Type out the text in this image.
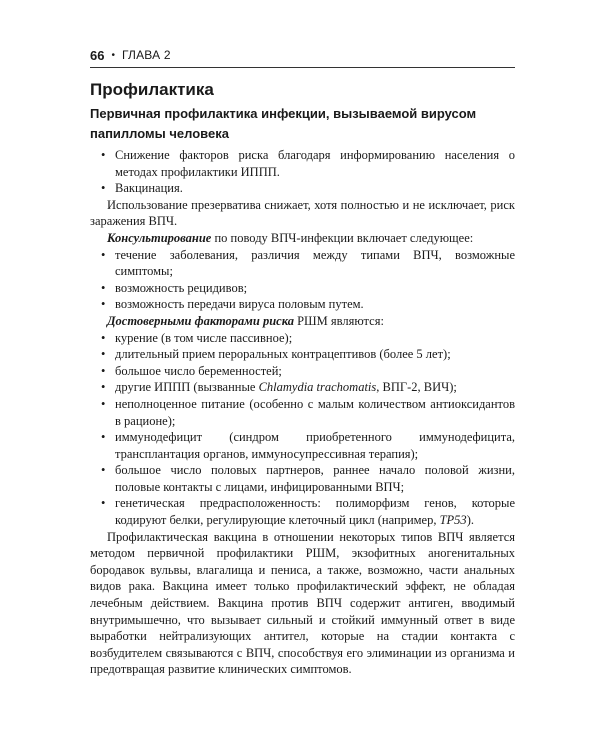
66 • ГЛАВА 2
Профилактика
Первичная профилактика инфекции, вызываемой вирусом папилломы человека
• Снижение факторов риска благодаря информированию населения о методах профилактики ИППП.
• Вакцинация.

Использование презерватива снижает, хотя полностью и не исключает, риск заражения ВПЧ.

Консультирование по поводу ВПЧ-инфекции включает следующее:

• течение заболевания, различия между типами ВПЧ, возможные симптомы;
• возможность рецидивов;
• возможность передачи вируса половым путем.

Достоверными факторами риска РШМ являются:

• курение (в том числе пассивное);
• длительный прием пероральных контрацептивов (более 5 лет);
• большое число беременностей;
• другие ИППП (вызванные Chlamydia trachomatis, ВПГ-2, ВИЧ);
• неполноценное питание (особенно с малым количеством антиоксидантов в рационе);
• иммунодефицит (синдром приобретенного иммунодефицита, трансплантация органов, иммуносупрессивная терапия);
• большое число половых партнеров, раннее начало половой жизни, половые контакты с лицами, инфицированными ВПЧ;
• генетическая предрасположенность: полиморфизм генов, которые кодируют белки, регулирующие клеточный цикл (например, TP53).

Профилактическая вакцина в отношении некоторых типов ВПЧ является методом первичной профилактики РШМ, экзофитных аногенитальных бородавок вульвы, влагалища и пениса, а также, возможно, части анальных видов рака. Вакцина имеет только профилактический эффект, не обладая лечебным действием. Вакцина против ВПЧ содержит антиген, вводимый внутримышечно, что вызывает сильный и стойкий иммунный ответ в виде выработки нейтрализующих антител, которые на стадии контакта с возбудителем связываются с ВПЧ, способствуя его элиминации из организма и предотвращая развитие клинических симптомов.
